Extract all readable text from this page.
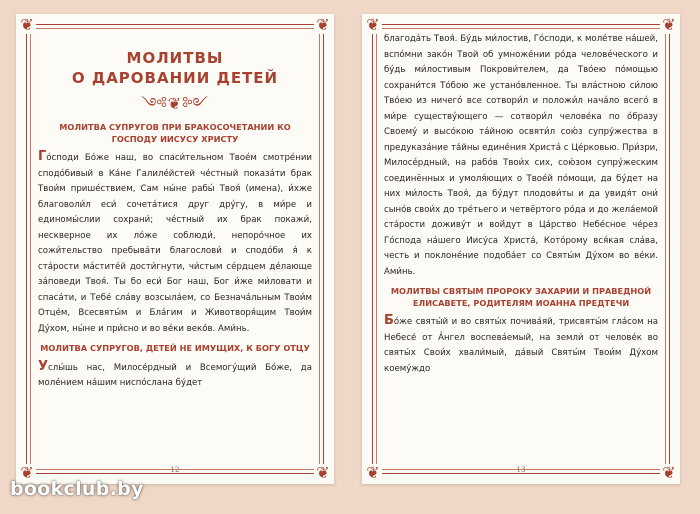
❦	❦
❦	❦
МОЛИТВЫ
О ДАРОВАНИИ ДЕТЕЙ
༺❦༻
МОЛИТВА СУПРУГОВ ПРИ БРАКОСОЧЕТАНИИ КО ГОСПОДУ ИИСУСУ ХРИСТУ

Го́споди Бо́же наш, во спаси́тельном Твое́м смотре́нии сподо́бивый в Ка́не Галиле́йстей че́стный показа́ти брак Твои́м прише́ствием, Сам ны́не рабы́ Твоя́ (имена), и́хже благоволи́л еси́ сочета́тися друг дру́гу, в ми́ре и единомы́слии сохрани́; че́стный их брак покажи́, нескверное их ло́же соблюди́, непоро́чное их сожи́тельство пребыва́ти благослови́ и сподо́би я́ к ста́рости ма́стите́й дости́гнути, чи́стым се́рдцем де́лающе за́поведи Твоя́. Ты бо еси́ Бог наш, Бог и́же ми́ловати и спаса́ти, и Тебе́ сла́ву возсыла́ем, со Безнача́льным Твои́м Отце́м, Всесвяты́м и Бла́гим и Животворя́щим Твои́м Ду́хом, ны́не и при́сно и во ве́ки веко́в. Ами́нь.

МОЛИТВА СУПРУГОВ, ДЕТЕЙ НЕ ИМУЩИХ, К БОГУ ОТЦУ

Услы́шь нас, Милосе́рдный и Всемогу́щий Бо́же, да моле́нием на́шим ниспо́слана бу́дет

12
❦	❦
❦	❦

благода́ть Твоя́. Бу́дь ми́лостив, Го́споди, к моле́тве на́шей, вспо́мни зако́н Твой об умноже́нии ро́да челове́ческого и бу́дь ми́лостивым Покрови́телем, да Тво́ею по́мощью сохрани́тся То́бою же устано́вленное. Ты вла́стною си́лою Тво́ею из ничего́ все сотвори́л и положи́л нача́ло всего́ в ми́ре существу́ющего — сотвори́л челове́ка по о́бразу Своему́ и высо́кою та́йною освяти́л сою́з супру́жества в предуказа́ние та́йны едине́ния Христа́ с Це́рковью. При́зри, Милосе́рдный, на рабо́в Твои́х сих, сою́зом супру́жеским соединённых и умоля́ющих о Твое́й по́мощи, да бу́дет на них ми́лость Твоя́, да бу́дут плодови́ты и да увидя́т они́ сыно́в свои́х до тре́тьего и четвёртого ро́да и до жела́емой ста́рости доживу́т и вой́дут в Ца́рство Небе́сное че́рез Го́спода на́шего Иису́са Христа́, Кото́рому вся́кая сла́ва, честь и поклоне́ние подоба́ет со Святы́м Ду́хом во ве́ки. Ами́нь.

МОЛИТВЫ СВЯТЫМ ПРОРОКУ ЗАХАРИИ И ПРАВЕДНОЙ ЕЛИСАВЕТЕ, РОДИТЕЛЯМ ИОАННА ПРЕДТЕЧИ

Бо́же святы́й и во святы́х почива́яй, трисвяты́м гла́сом на Небесе́ от А́нгел воспева́емый, на земли́ от челове́к во святы́х Свои́х хвали́мый, да́вый Святы́м Твои́м Ду́хом коему́ждо

13
bookclub.by
